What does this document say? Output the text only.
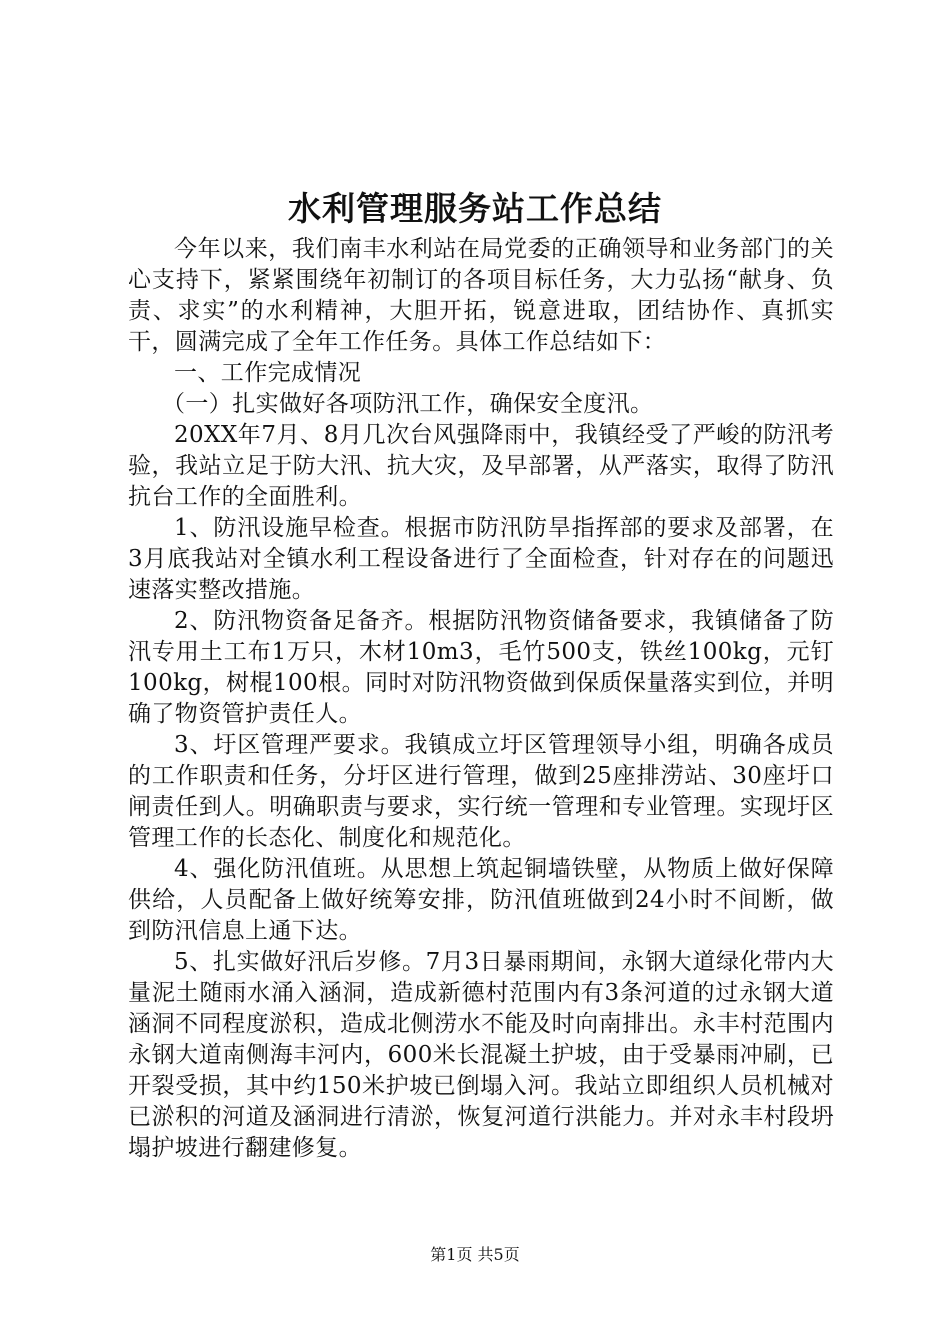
水利管理服务站工作总结

今年以来，我们南丰水利站在局党委的正确领导和业务部门的关心支持下，紧紧围绕年初制订的各项目标任务，大力弘扬“献身、负责、求实”的水利精神，大胆开拓，锐意进取，团结协作、真抓实干，圆满完成了全年工作任务。具体工作总结如下：

一、工作完成情况

（一）扎实做好各项防汛工作，确保安全度汛。

20XX年7月、8月几次台风强降雨中，我镇经受了严峻的防汛考验，我站立足于防大汛、抗大灾，及早部署，从严落实，取得了防汛抗台工作的全面胜利。

1、防汛设施早检查。根据市防汛防旱指挥部的要求及部署，在3月底我站对全镇水利工程设备进行了全面检查，针对存在的问题迅速落实整改措施。

2、防汛物资备足备齐。根据防汛物资储备要求，我镇储备了防汛专用土工布1万只，木材10m3，毛竹500支，铁丝100kg，元钉100kg，树棍100根。同时对防汛物资做到保质保量落实到位，并明确了物资管护责任人。

3、圩区管理严要求。我镇成立圩区管理领导小组，明确各成员的工作职责和任务，分圩区进行管理，做到25座排涝站、30座圩口闸责任到人。明确职责与要求，实行统一管理和专业管理。实现圩区管理工作的长态化、制度化和规范化。

4、强化防汛值班。从思想上筑起铜墙铁壁，从物质上做好保障供给，人员配备上做好统筹安排，防汛值班做到24小时不间断，做到防汛信息上通下达。

5、扎实做好汛后岁修。7月3日暴雨期间，永钢大道绿化带内大量泥土随雨水涌入涵洞，造成新德村范围内有3条河道的过永钢大道涵洞不同程度淤积，造成北侧涝水不能及时向南排出。永丰村范围内永钢大道南侧海丰河内，600米长混凝土护坡，由于受暴雨冲刷，已开裂受损，其中约150米护坡已倒塌入河。我站立即组织人员机械对已淤积的河道及涵洞进行清淤，恢复河道行洪能力。并对永丰村段坍塌护坡进行翻建修复。

第1页 共5页
